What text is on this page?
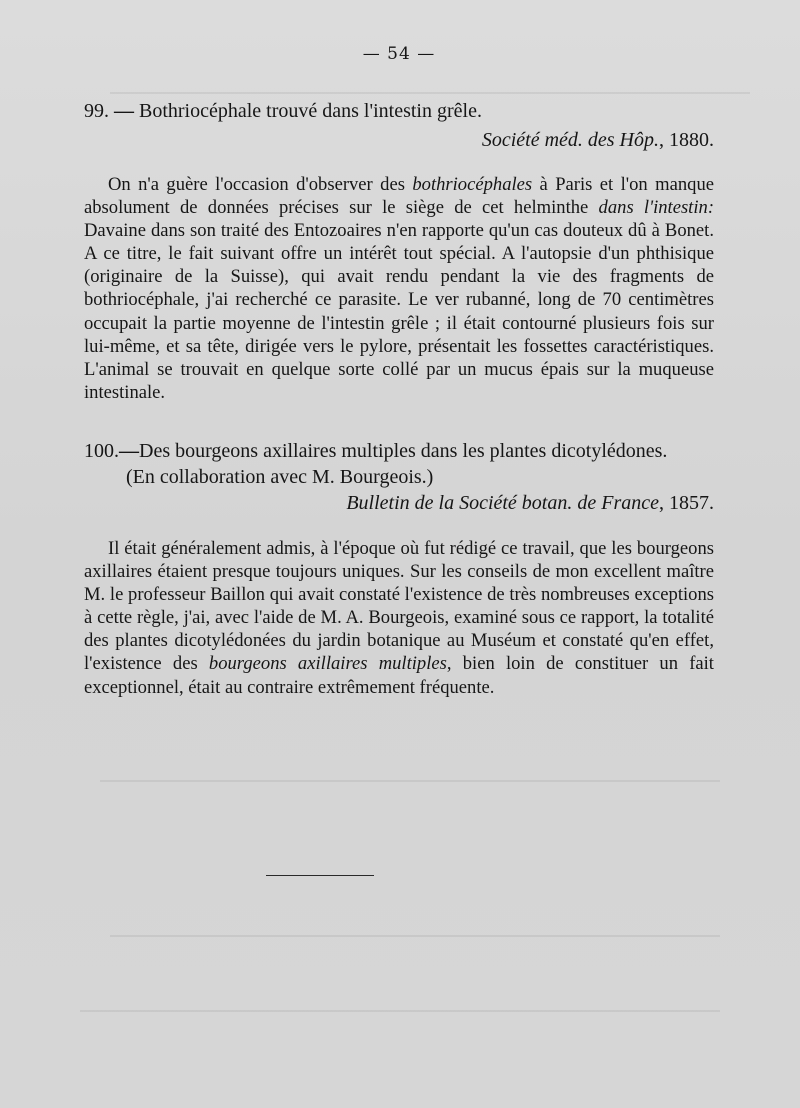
— 54 —
99. — Bothriocéphale trouvé dans l'intestin grêle.
Société méd. des Hôp., 1880.
On n'a guère l'occasion d'observer des bothriocéphales à Paris et l'on manque absolument de données précises sur le siège de cet helminthe dans l'intestin: Davaine dans son traité des Entozoaires n'en rapporte qu'un cas douteux dû à Bonet. A ce titre, le fait suivant offre un intérêt tout spécial. A l'autopsie d'un phthisique (originaire de la Suisse), qui avait rendu pendant la vie des fragments de bothriocéphale, j'ai recherché ce parasite. Le ver rubanné, long de 70 centimètres occupait la partie moyenne de l'intestin grêle ; il était contourné plusieurs fois sur lui-même, et sa tête, dirigée vers le pylore, présentait les fossettes caractéristiques. L'animal se trouvait en quelque sorte collé par un mucus épais sur la muqueuse intestinale.
100.—Des bourgeons axillaires multiples dans les plantes dicotylédones.
(En collaboration avec M. Bourgeois.)
Bulletin de la Société botan. de France, 1857.
Il était généralement admis, à l'époque où fut rédigé ce travail, que les bourgeons axillaires étaient presque toujours uniques. Sur les conseils de mon excellent maître M. le professeur Baillon qui avait constaté l'existence de très nombreuses exceptions à cette règle, j'ai, avec l'aide de M. A. Bourgeois, examiné sous ce rapport, la totalité des plantes dicotylédonées du jardin botanique au Muséum et constaté qu'en effet, l'existence des bourgeons axillaires multiples, bien loin de constituer un fait exceptionnel, était au contraire extrêmement fréquente.
